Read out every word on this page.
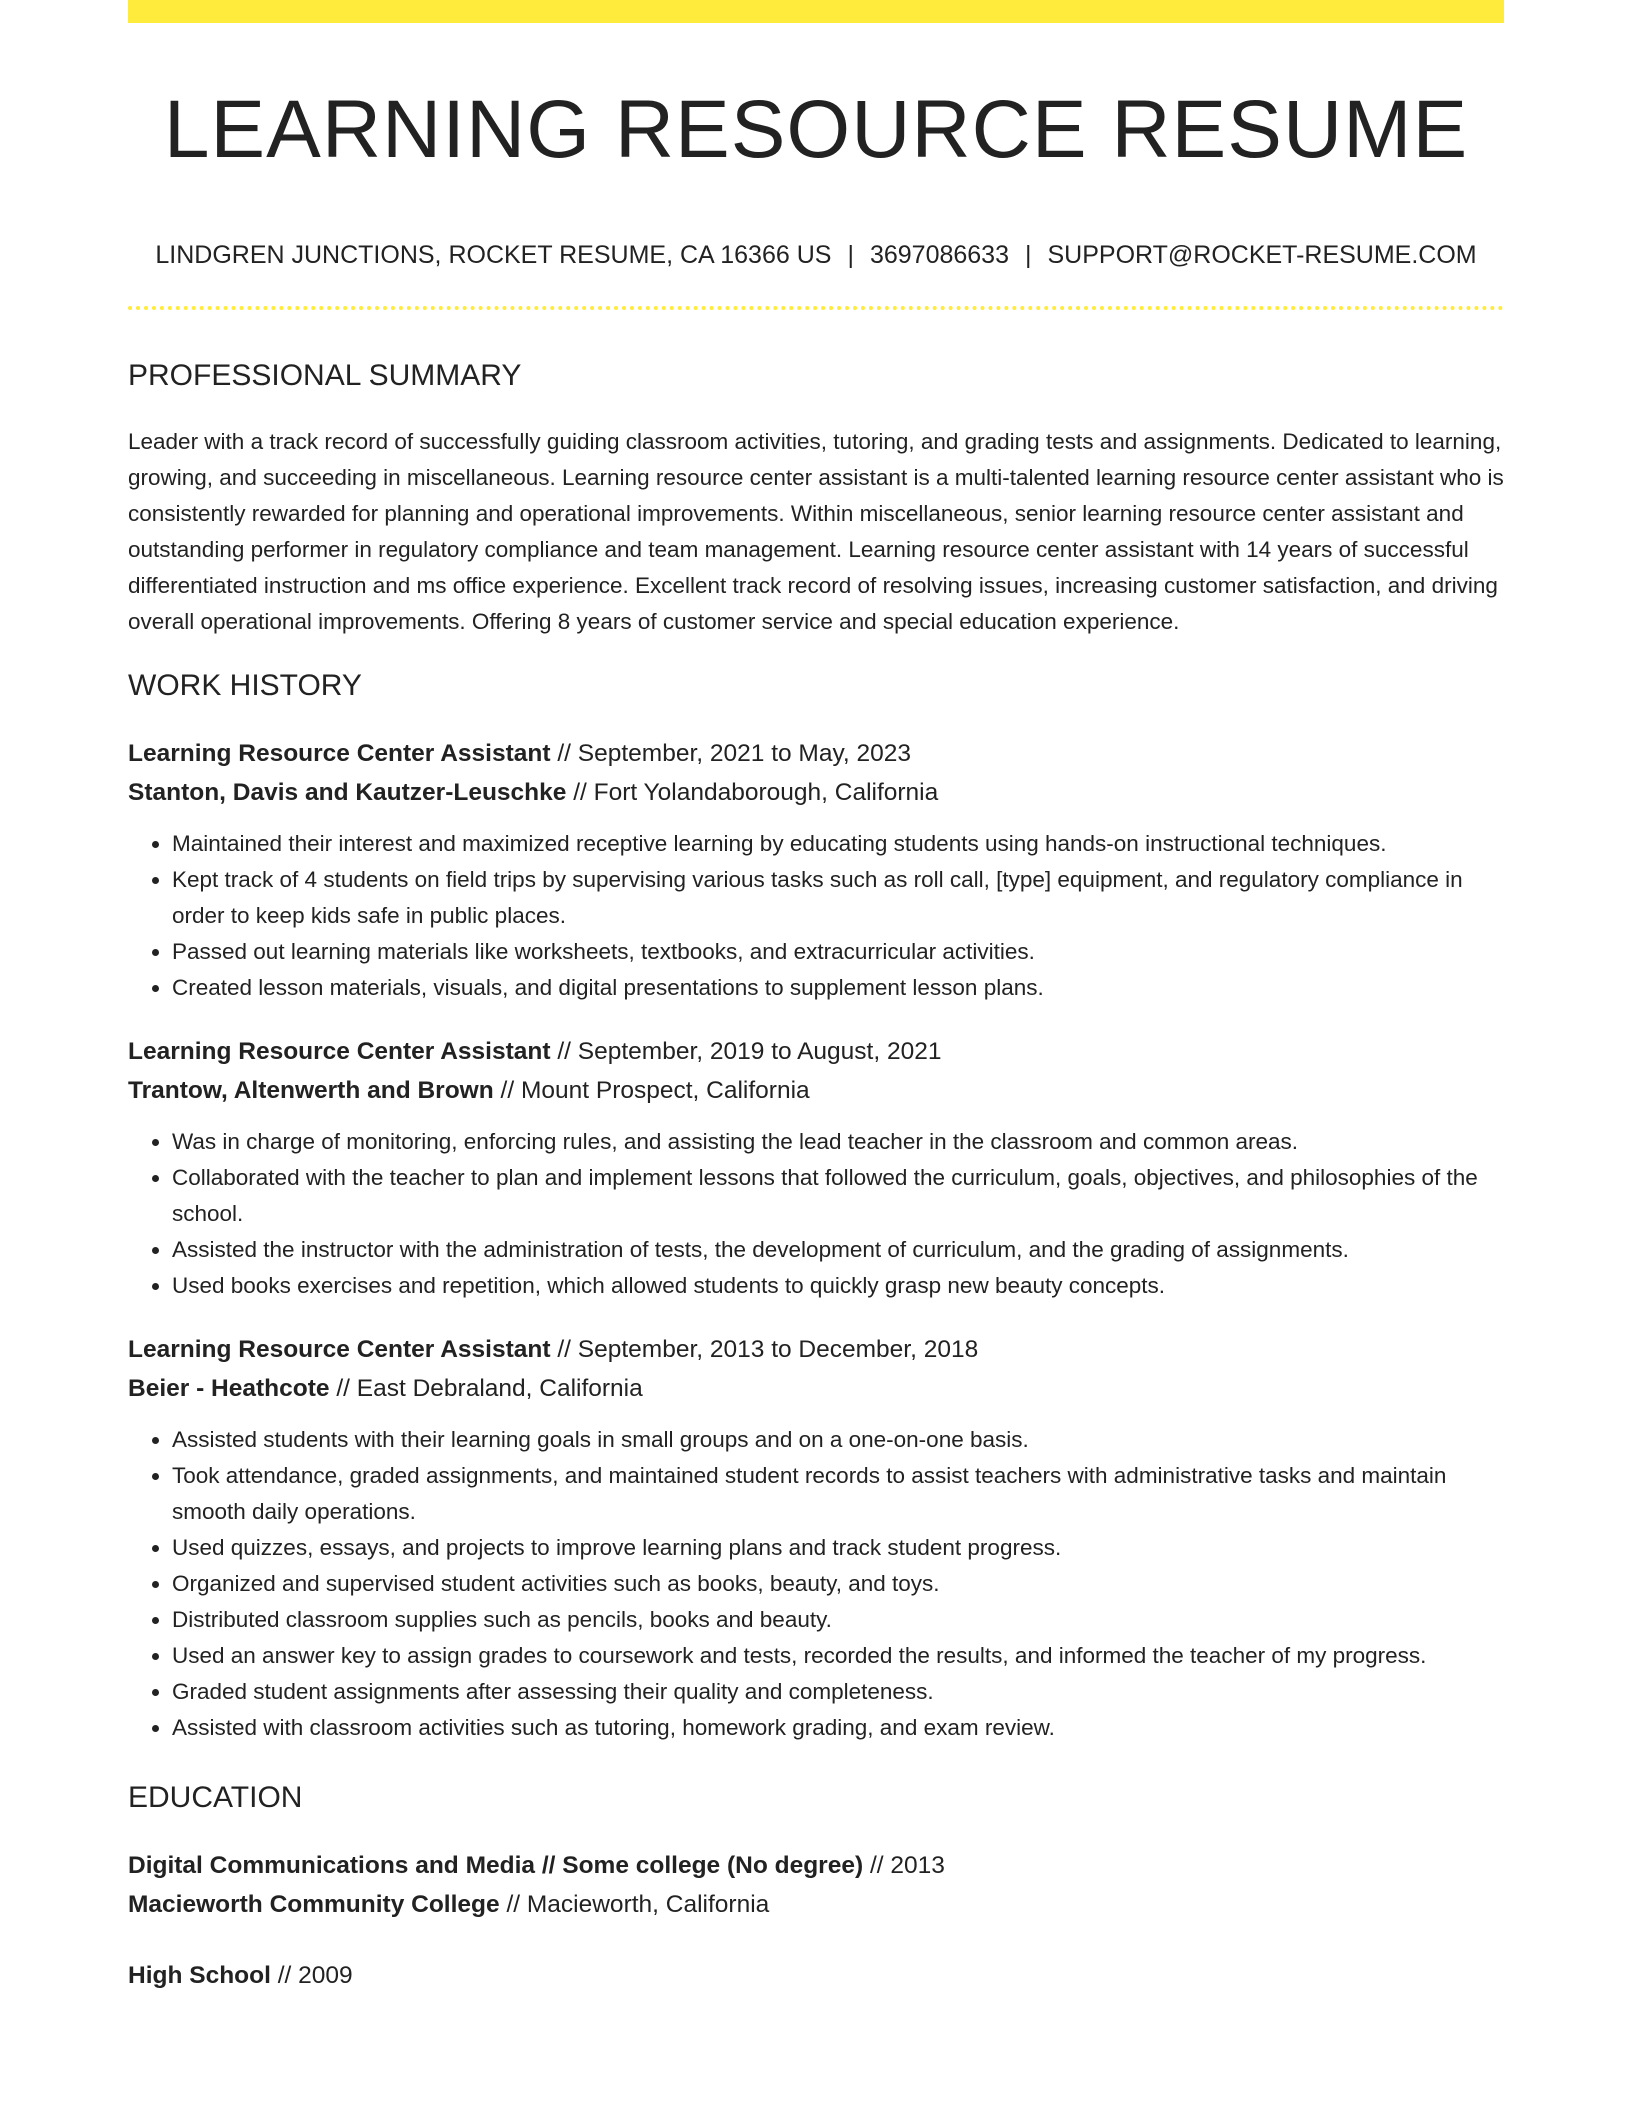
LEARNING RESOURCE RESUME
LINDGREN JUNCTIONS, ROCKET RESUME, CA 16366 US | 3697086633 | SUPPORT@ROCKET-RESUME.COM
PROFESSIONAL SUMMARY

Leader with a track record of successfully guiding classroom activities, tutoring, and grading tests and assignments. Dedicated to learning, growing, and succeeding in miscellaneous. Learning resource center assistant is a multi-talented learning resource center assistant who is consistently rewarded for planning and operational improvements. Within miscellaneous, senior learning resource center assistant and outstanding performer in regulatory compliance and team management. Learning resource center assistant with 14 years of successful differentiated instruction and ms office experience. Excellent track record of resolving issues, increasing customer satisfaction, and driving overall operational improvements. Offering 8 years of customer service and special education experience.

WORK HISTORY
Learning Resource Center Assistant // September, 2021 to May, 2023
Stanton, Davis and Kautzer-Leuschke // Fort Yolandaborough, California
• Maintained their interest and maximized receptive learning by educating students using hands-on instructional techniques.
• Kept track of 4 students on field trips by supervising various tasks such as roll call, [type] equipment, and regulatory compliance in order to keep kids safe in public places.
• Passed out learning materials like worksheets, textbooks, and extracurricular activities.
• Created lesson materials, visuals, and digital presentations to supplement lesson plans.
Learning Resource Center Assistant // September, 2019 to August, 2021
Trantow, Altenwerth and Brown // Mount Prospect, California
• Was in charge of monitoring, enforcing rules, and assisting the lead teacher in the classroom and common areas.
• Collaborated with the teacher to plan and implement lessons that followed the curriculum, goals, objectives, and philosophies of the school.
• Assisted the instructor with the administration of tests, the development of curriculum, and the grading of assignments.
• Used books exercises and repetition, which allowed students to quickly grasp new beauty concepts.
Learning Resource Center Assistant // September, 2013 to December, 2018
Beier - Heathcote // East Debraland, California
• Assisted students with their learning goals in small groups and on a one-on-one basis.
• Took attendance, graded assignments, and maintained student records to assist teachers with administrative tasks and maintain smooth daily operations.
• Used quizzes, essays, and projects to improve learning plans and track student progress.
• Organized and supervised student activities such as books, beauty, and toys.
• Distributed classroom supplies such as pencils, books and beauty.
• Used an answer key to assign grades to coursework and tests, recorded the results, and informed the teacher of my progress.
• Graded student assignments after assessing their quality and completeness.
• Assisted with classroom activities such as tutoring, homework grading, and exam review.
EDUCATION
Digital Communications and Media // Some college (No degree) // 2013
Macieworth Community College // Macieworth, California
High School // 2009
